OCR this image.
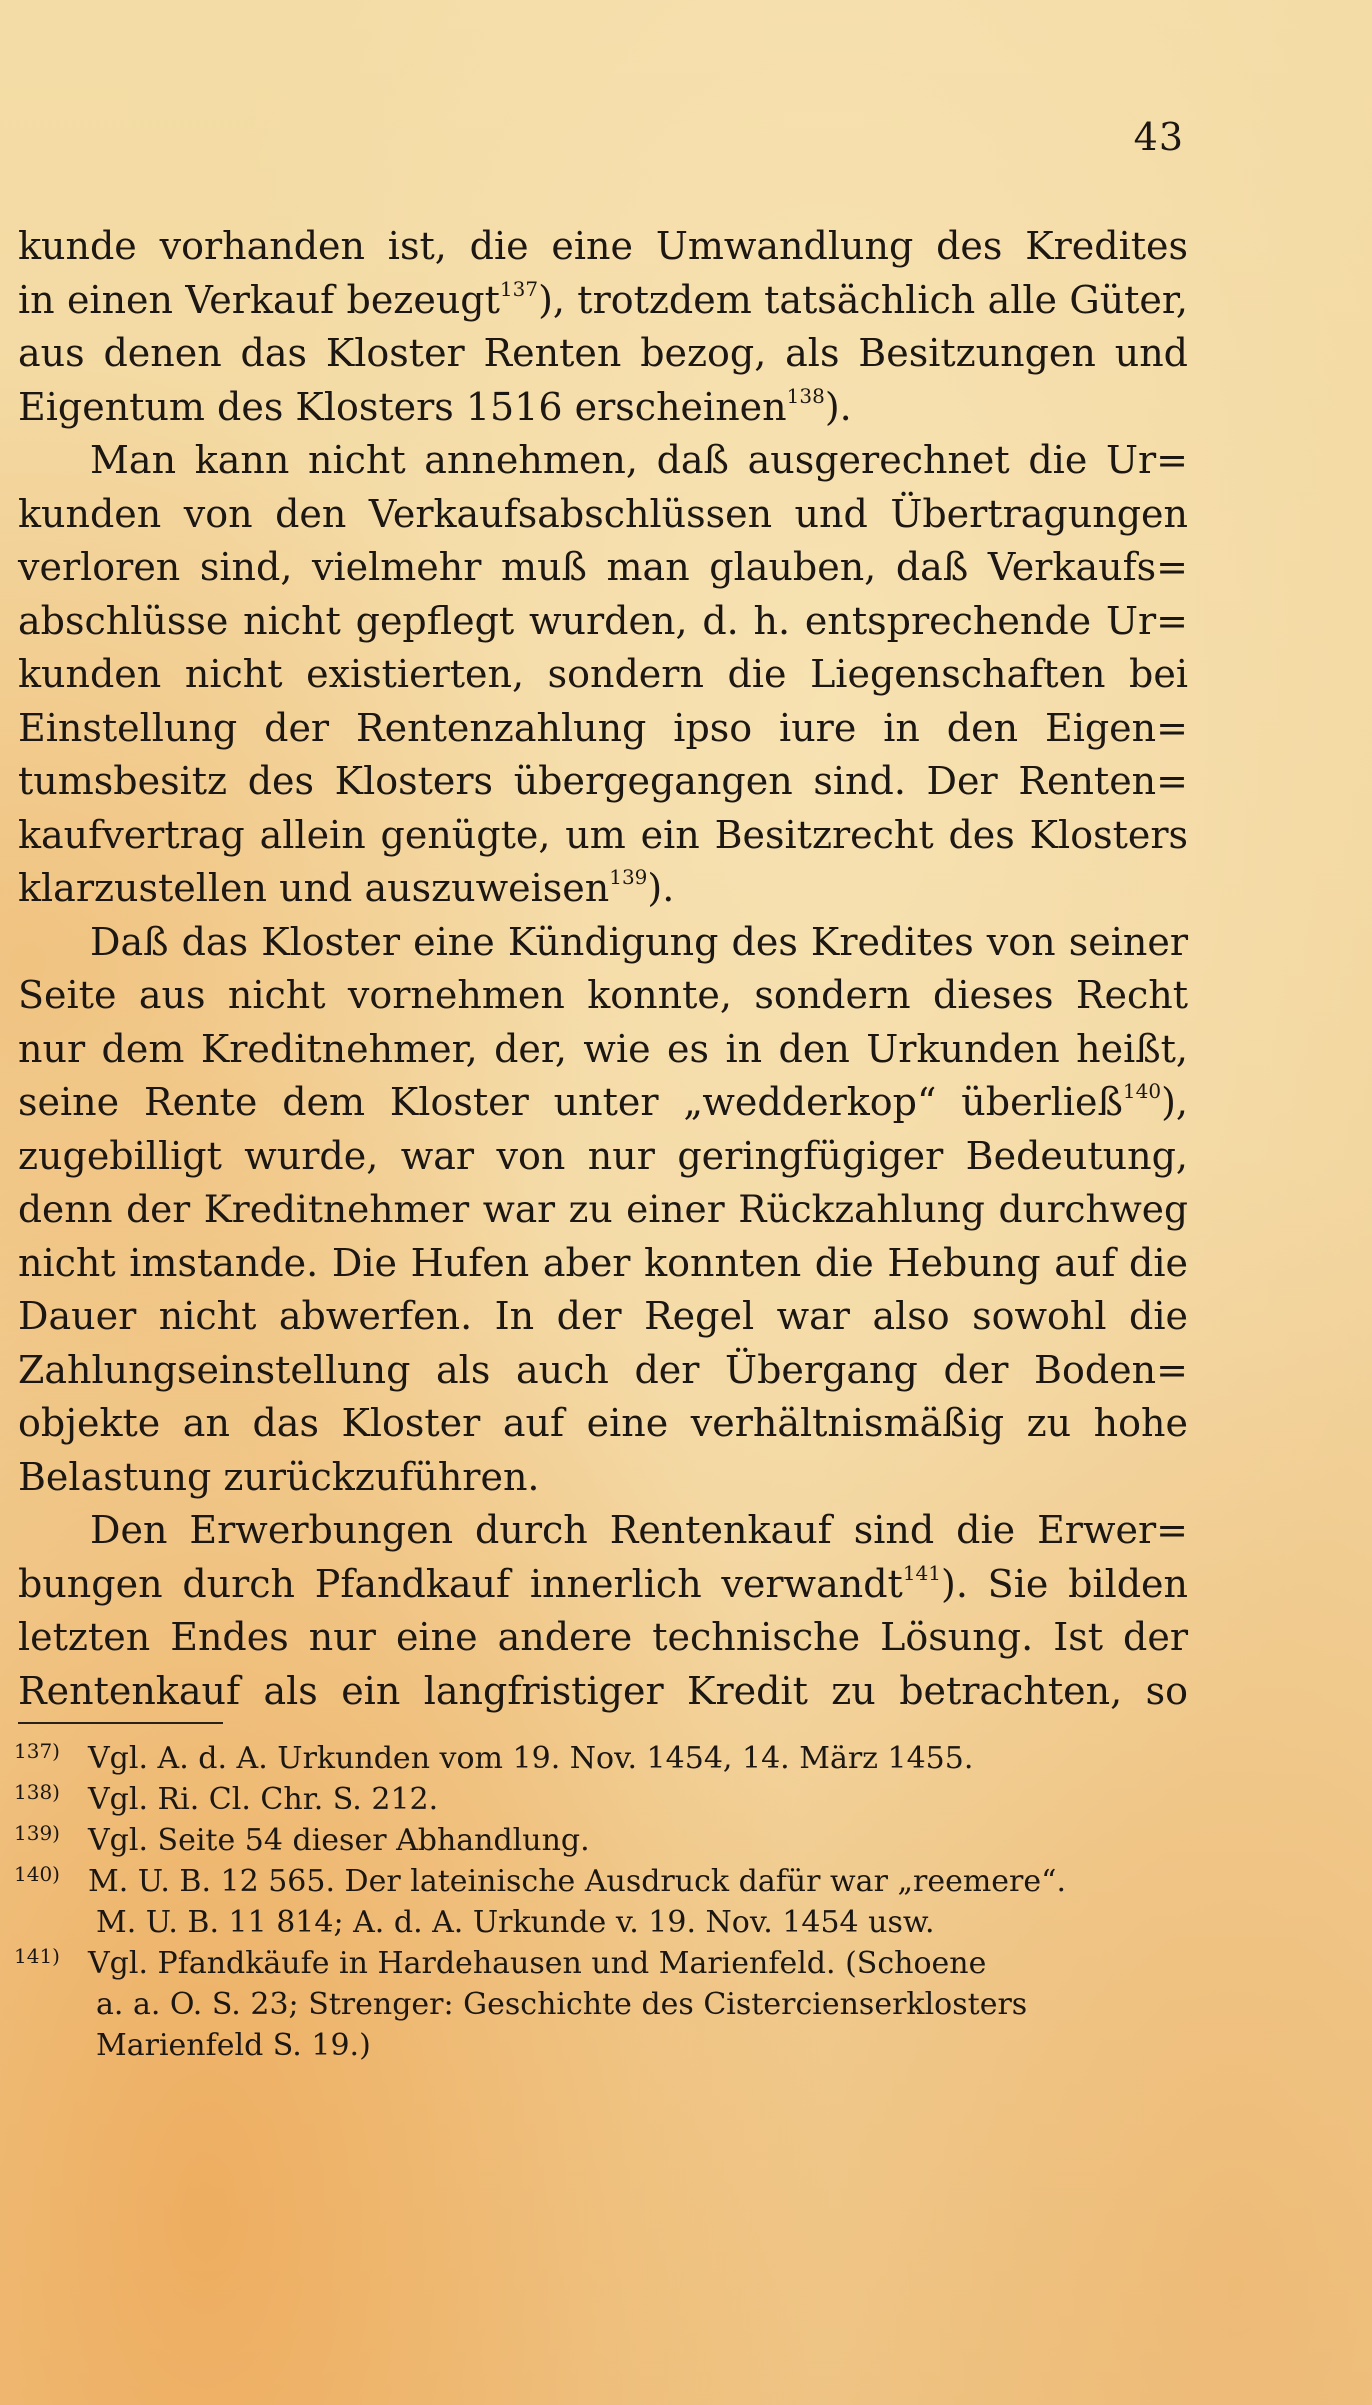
43
kunde vorhanden ist, die eine Umwandlung des Kredites
in einen Verkauf bezeugt$^{137}$), trotzdem tatsächlich alle Güter,
aus denen das Kloster Renten bezog, als Besitzungen und
Eigentum des Klosters 1516 erscheinen$^{138}$).
Man kann nicht annehmen, daß ausgerechnet die Ur=
kunden von den Verkaufsabschlüssen und Übertragungen
verloren sind, vielmehr muß man glauben, daß Verkaufs=
abschlüsse nicht gepflegt wurden, d. h. entsprechende Ur=
kunden nicht existierten, sondern die Liegenschaften bei
Einstellung der Rentenzahlung ipso iure in den Eigen=
tumsbesitz des Klosters übergegangen sind. Der Renten=
kaufvertrag allein genügte, um ein Besitzrecht des Klosters
klarzustellen und auszuweisen$^{139}$).
Daß das Kloster eine Kündigung des Kredites von seiner
Seite aus nicht vornehmen konnte, sondern dieses Recht
nur dem Kreditnehmer, der, wie es in den Urkunden heißt,
seine Rente dem Kloster unter „wedderkop“ überließ$^{140}$),
zugebilligt wurde, war von nur geringfügiger Bedeutung,
denn der Kreditnehmer war zu einer Rückzahlung durchweg
nicht imstande. Die Hufen aber konnten die Hebung auf die
Dauer nicht abwerfen. In der Regel war also sowohl die
Zahlungseinstellung als auch der Übergang der Boden=
objekte an das Kloster auf eine verhältnismäßig zu hohe
Belastung zurückzuführen.
Den Erwerbungen durch Rentenkauf sind die Erwer=
bungen durch Pfandkauf innerlich verwandt$^{141}$). Sie bilden
letzten Endes nur eine andere technische Lösung. Ist der
Rentenkauf als ein langfristiger Kredit zu betrachten, so
137) Vgl. A. d. A. Urkunden vom 19. Nov. 1454, 14. März 1455.
138) Vgl. Ri. Cl. Chr. S. 212.
139) Vgl. Seite 54 dieser Abhandlung.
140) M. U. B. 12 565. Der lateinische Ausdruck dafür war „reemere“.
M. U. B. 11 814; A. d. A. Urkunde v. 19. Nov. 1454 usw.
141) Vgl. Pfandkäufe in Hardehausen und Marienfeld. (Schoene
a. a. O. S. 23; Strenger: Geschichte des Cistercienserklosters
Marienfeld S. 19.)
